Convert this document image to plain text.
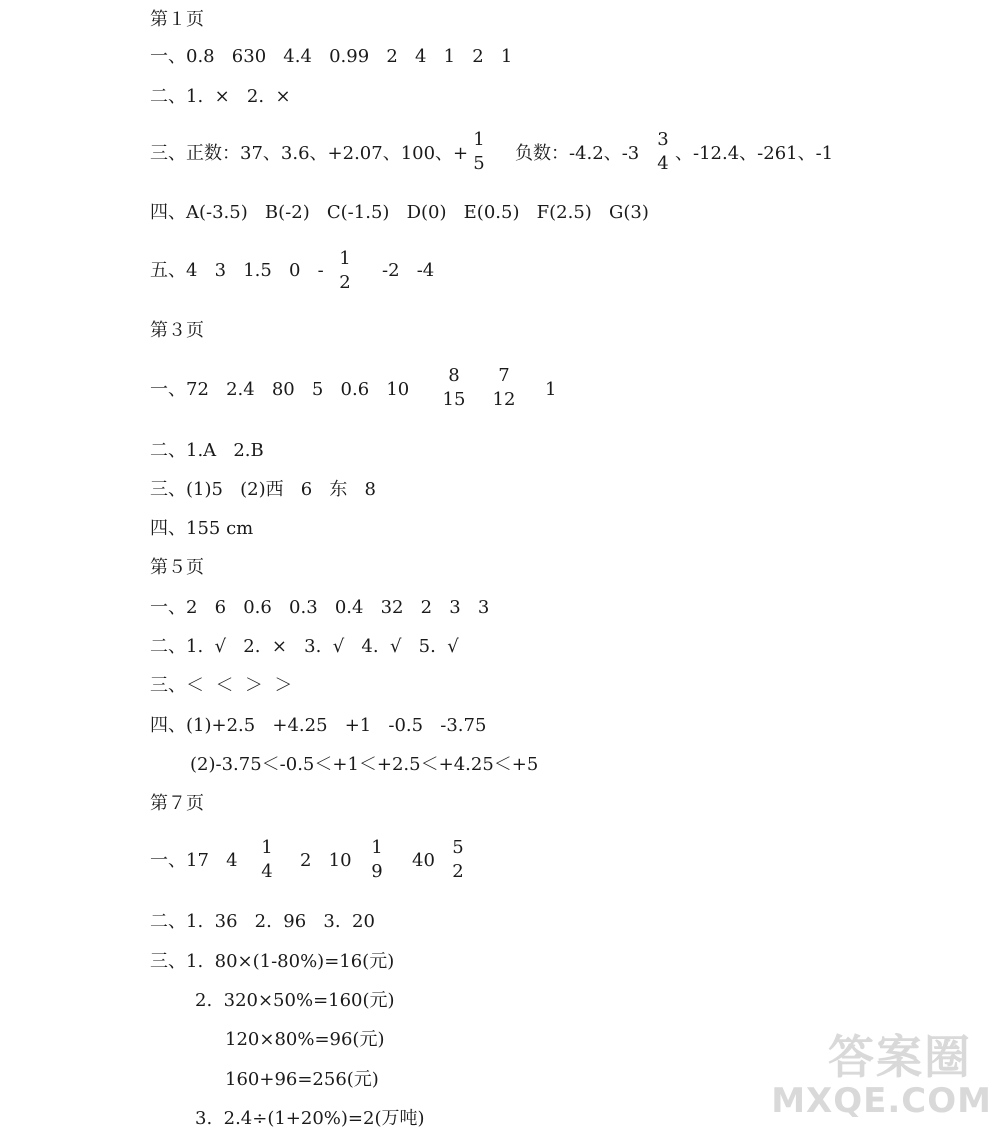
第１页
一、0.8   630   4.4   0.99   2   4   1   2   1
二、1.  ×   2.  ×
三、正数：37、3.6、+2.07、100、+
1
5 负数：-4.2、-3
3
4 、-12.4、-261、-1
四、A(-3.5)   B(-2)   C(-1.5)   D(0)   E(0.5)   F(2.5)   G(3)
五、4   3   1.5   0   -
1
2
-2   -4
第３页
一、72   2.4   80   5   0.6   10
8
15
7
12 1
二、1.A   2.B
三、(1)5   (2)西   6   东   8
四、155 cm
第５页
一、2   6   0.6   0.3   0.4   32   2   3   3
二、1.  √   2.  ×   3.  √   4.  √   5.  √
三、＜  ＜  ＞  ＞
四、(1)+2.5   +4.25   +1   -0.5   -3.75
(2)-3.75＜-0.5＜+1＜+2.5＜+4.25＜+5
第７页
一、17   4
1
4
2   10
1
9
40
5
2
二、1.  36   2.  96   3.  20
三、1.  80×(1-80%)=16(元)
2.  320×50%=160(元)
120×80%=96(元)
160+96=256(元)
3.  2.4÷(1+20%)=2(万吨)
答案圈
MXQE.COM
